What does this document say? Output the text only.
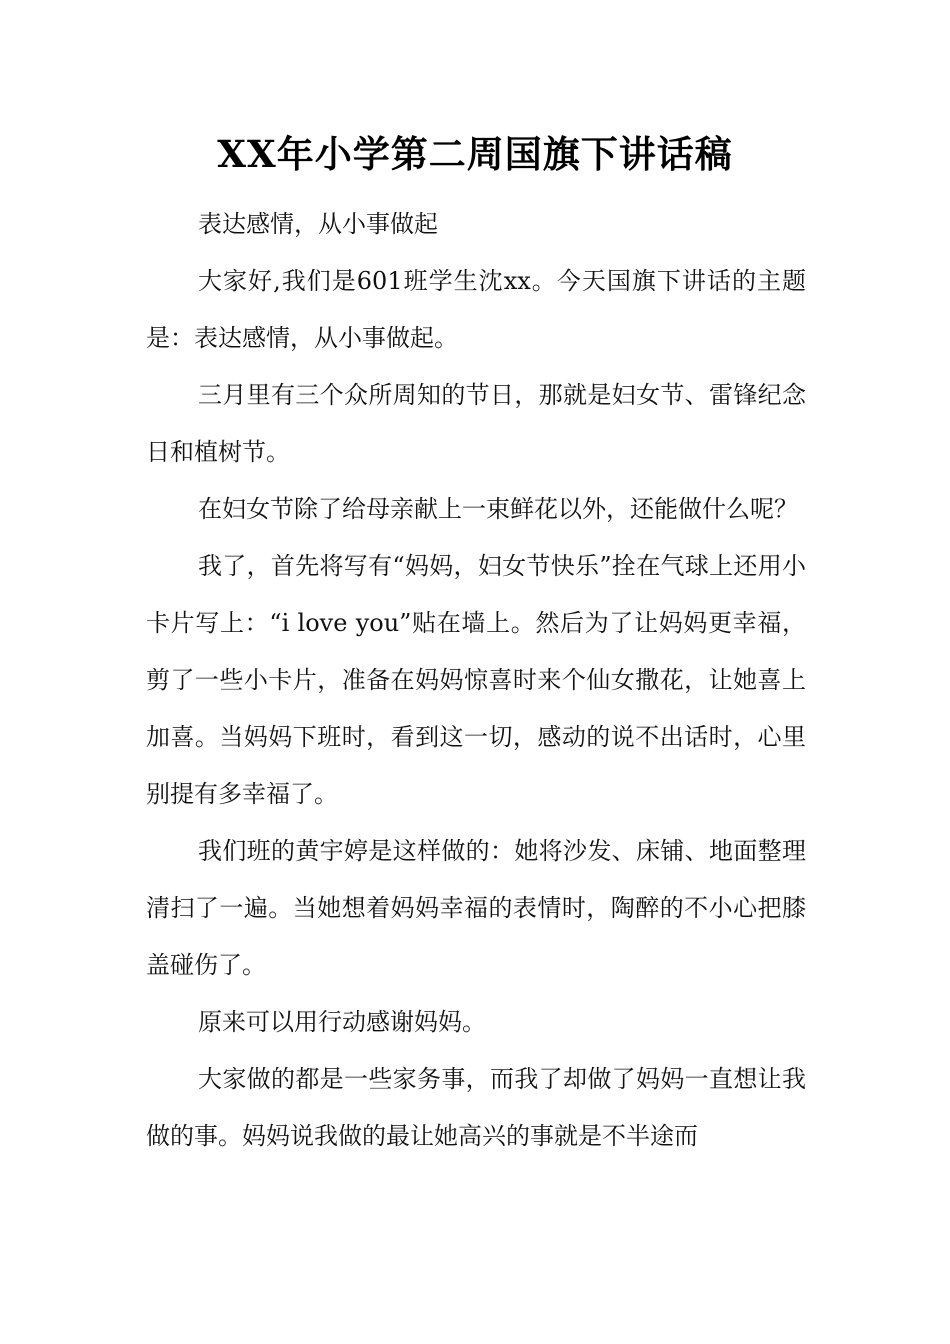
XX年小学第二周国旗下讲话稿

表达感情，从小事做起

大家好,我们是601班学生沈xx。今天国旗下讲话的主题是：表达感情，从小事做起。

三月里有三个众所周知的节日，那就是妇女节、雷锋纪念日和植树节。

在妇女节除了给母亲献上一束鲜花以外，还能做什么呢？

我了，首先将写有“妈妈，妇女节快乐”拴在气球上还用小卡片写上：“i love you”贴在墙上。然后为了让妈妈更幸福，剪了一些小卡片，准备在妈妈惊喜时来个仙女撒花，让她喜上加喜。当妈妈下班时，看到这一切，感动的说不出话时，心里别提有多幸福了。

我们班的黄宇婷是这样做的：她将沙发、床铺、地面整理清扫了一遍。当她想着妈妈幸福的表情时，陶醉的不小心把膝盖碰伤了。

原来可以用行动感谢妈妈。

大家做的都是一些家务事，而我了却做了妈妈一直想让我做的事。妈妈说我做的最让她高兴的事就是不半途而
